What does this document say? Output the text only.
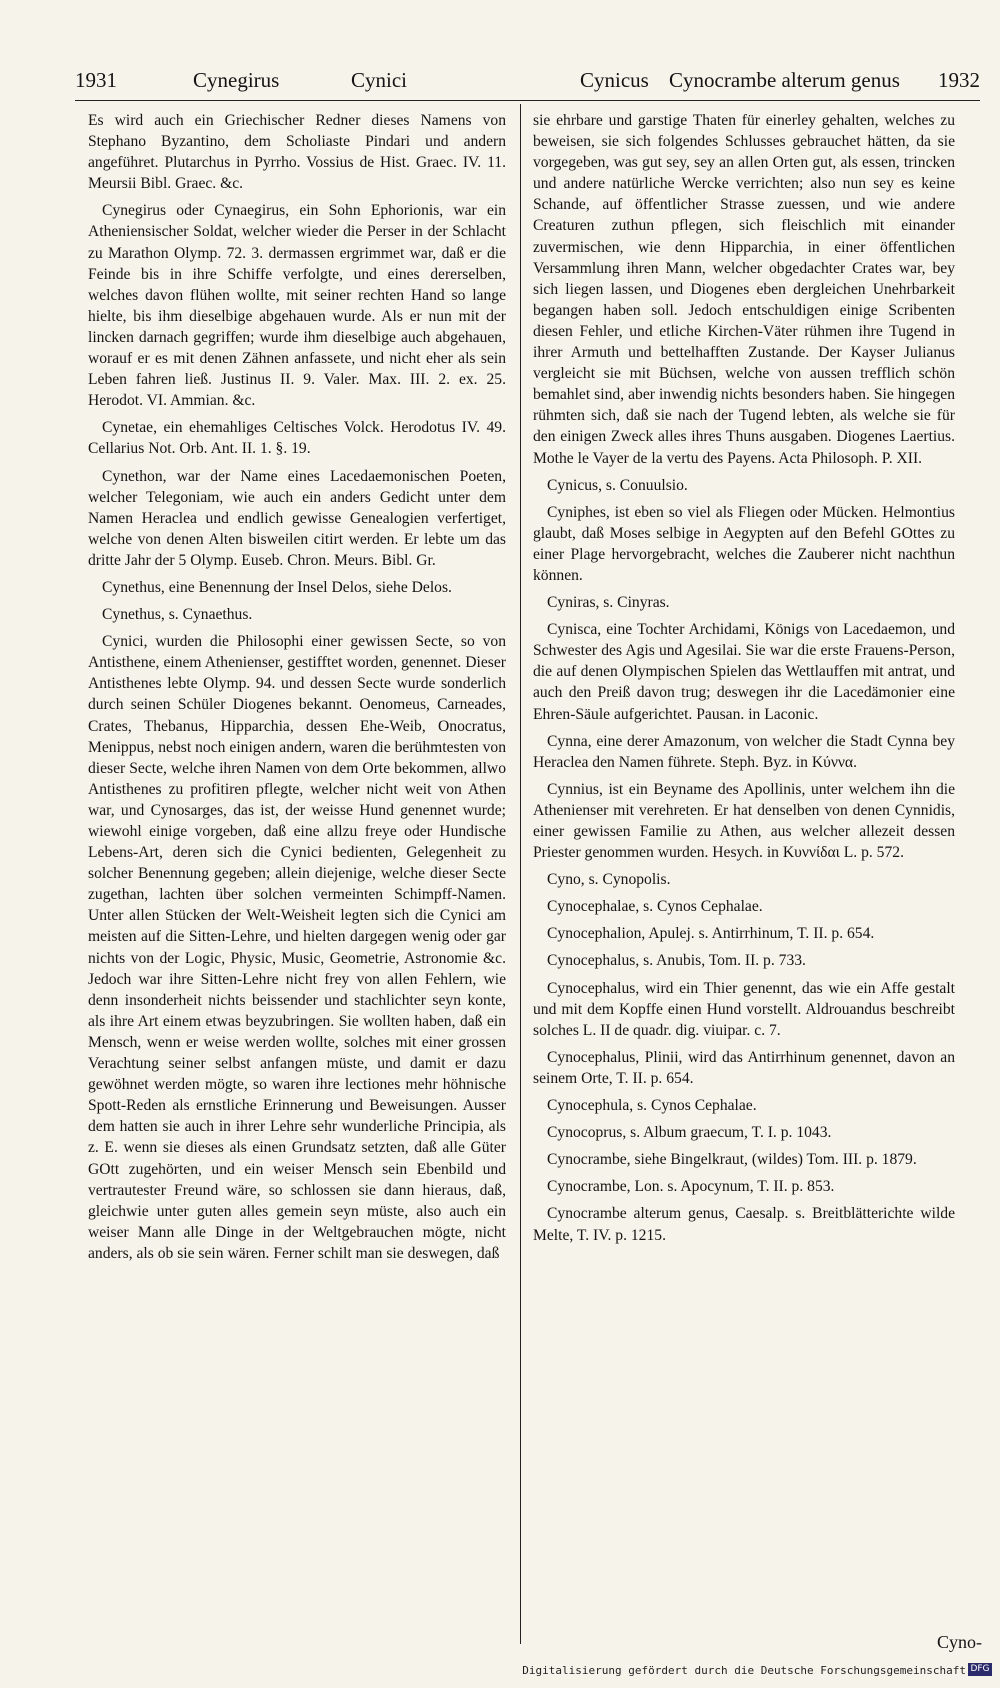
1931	Cynegirus	Cynici	Cynicus Cynocrambe alterum genus 1932

Es wird auch ein Griechischer Redner dieses Namens von Stephano Byzantino, dem Scholiaste Pindari und andern angeführet. Plutarchus in Pyrrho. Vossius de Hist. Graec. IV. 11. Meursii Bibl. Graec. &c.

Cynegirus oder Cynaegirus, ein Sohn Ephorionis, war ein Atheniensischer Soldat, welcher wieder die Perser in der Schlacht zu Marathon Olymp. 72. 3. dermassen ergrimmet war, daß er die Feinde bis in ihre Schiffe verfolgte, und eines dererselben, welches davon flühen wollte, mit seiner rechten Hand so lange hielte, bis ihm dieselbige abgehauen wurde. Als er nun mit der lincken darnach gegriffen; wurde ihm dieselbige auch abgehauen, worauf er es mit denen Zähnen anfassete, und nicht eher als sein Leben fahren ließ. Justinus II. 9. Valer. Max. III. 2. ex. 25. Herodot. VI. Ammian. &c.

Cynetae, ein ehemahliges Celtisches Volck. Herodotus IV. 49. Cellarius Not. Orb. Ant. II. 1. §. 19.

Cynethon, war der Name eines Lacedaemonischen Poeten, welcher Telegoniam, wie auch ein anders Gedicht unter dem Namen Heraclea und endlich gewisse Genealogien verfertiget, welche von denen Alten bisweilen citirt werden. Er lebte um das dritte Jahr der 5 Olymp. Euseb. Chron. Meurs. Bibl. Gr.

Cynethus, eine Benennung der Insel Delos, siehe Delos.

Cynethus, s. Cynaethus.

Cynici, wurden die Philosophi einer gewissen Secte, so von Antisthene, einem Athenienser, gestifftet worden, genennet. Dieser Antisthenes lebte Olymp. 94. und dessen Secte wurde sonderlich durch seinen Schüler Diogenes bekannt. Oenomeus, Carneades, Crates, Thebanus, Hipparchia, dessen Ehe-Weib, Onocratus, Menippus, nebst noch einigen andern, waren die berühmtesten von dieser Secte, welche ihren Namen von dem Orte bekommen, allwo Antisthenes zu profitiren pflegte, welcher nicht weit von Athen war, und Cynosarges, das ist, der weisse Hund genennet wurde; wiewohl einige vorgeben, daß eine allzu freye oder Hundische Lebens-Art, deren sich die Cynici bedienten, Gelegenheit zu solcher Benennung gegeben; allein diejenige, welche dieser Secte zugethan, lachten über solchen vermeinten Schimpff-Namen. Unter allen Stücken der Welt-Weisheit legten sich die Cynici am meisten auf die Sitten-Lehre, und hielten dargegen wenig oder gar nichts von der Logic, Physic, Music, Geometrie, Astronomie &c. Jedoch war ihre Sitten-Lehre nicht frey von allen Fehlern, wie denn insonderheit nichts beissender und stachlichter seyn konte, als ihre Art einem etwas beyzubringen. Sie wollten haben, daß ein Mensch, wenn er weise werden wollte, solches mit einer grossen Verachtung seiner selbst anfangen müste, und damit er dazu gewöhnet werden mögte, so waren ihre lectiones mehr höhnische Spott-Reden als ernstliche Erinnerung und Beweisungen. Ausser dem hatten sie auch in ihrer Lehre sehr wunderliche Principia, als z. E. wenn sie dieses als einen Grundsatz setzten, daß alle Güter GOtt zugehörten, und ein weiser Mensch sein Ebenbild und vertrautester Freund wäre, so schlossen sie dann hieraus, daß, gleichwie unter guten alles gemein seyn müste, also auch ein weiser Mann alle Dinge in der Weltgebrauchen mögte, nicht anders, als ob sie sein wären. Ferner schilt man sie deswegen, daß

sie ehrbare und garstige Thaten für einerley gehalten, welches zu beweisen, sie sich folgendes Schlusses gebrauchet hätten, da sie vorgegeben, was gut sey, sey an allen Orten gut, als essen, trincken und andere natürliche Wercke verrichten; also nun sey es keine Schande, auf öffentlicher Strasse zuessen, und wie andere Creaturen zuthun pflegen, sich fleischlich mit einander zuvermischen, wie denn Hipparchia, in einer öffentlichen Versammlung ihren Mann, welcher obgedachter Crates war, bey sich liegen lassen, und Diogenes eben dergleichen Unehrbarkeit begangen haben soll. Jedoch entschuldigen einige Scribenten diesen Fehler, und etliche Kirchen-Väter rühmen ihre Tugend in ihrer Armuth und bettelhafften Zustande. Der Kayser Julianus vergleicht sie mit Büchsen, welche von aussen trefflich schön bemahlet sind, aber inwendig nichts besonders haben. Sie hingegen rühmten sich, daß sie nach der Tugend lebten, als welche sie für den einigen Zweck alles ihres Thuns ausgaben. Diogenes Laertius. Mothe le Vayer de la vertu des Payens. Acta Philosoph. P. XII.

Cynicus, s. Conuulsio.

Cyniphes, ist eben so viel als Fliegen oder Mücken. Helmontius glaubt, daß Moses selbige in Aegypten auf den Befehl GOttes zu einer Plage hervorgebracht, welches die Zauberer nicht nachthun können.

Cyniras, s. Cinyras.

Cynisca, eine Tochter Archidami, Königs von Lacedaemon, und Schwester des Agis und Agesilai. Sie war die erste Frauens-Person, die auf denen Olympischen Spielen das Wettlauffen mit antrat, und auch den Preiß davon trug; deswegen ihr die Lacedämonier eine Ehren-Säule aufgerichtet. Pausan. in Laconic.

Cynna, eine derer Amazonum, von welcher die Stadt Cynna bey Heraclea den Namen führete. Steph. Byz. in Κύννα.

Cynnius, ist ein Beyname des Apollinis, unter welchem ihn die Athenienser mit verehreten. Er hat denselben von denen Cynnidis, einer gewissen Familie zu Athen, aus welcher allezeit dessen Priester genommen wurden. Hesych. in Κυννίδαι L. p. 572.

Cyno, s. Cynopolis.

Cynocephalae, s. Cynos Cephalae.

Cynocephalion, Apulej. s. Antirrhinum, T. II. p. 654.

Cynocephalus, s. Anubis, Tom. II. p. 733.

Cynocephalus, wird ein Thier genennt, das wie ein Affe gestalt und mit dem Kopffe einen Hund vorstellt. Aldrouandus beschreibt solches L. II de quadr. dig. viuipar. c. 7.

Cynocephalus, Plinii, wird das Antirrhinum genennet, davon an seinem Orte, T. II. p. 654.

Cynocephula, s. Cynos Cephalae.

Cynocoprus, s. Album graecum, T. I. p. 1043.

Cynocrambe, siehe Bingelkraut, (wildes) Tom. III. p. 1879.

Cynocrambe, Lon. s. Apocynum, T. II. p. 853.

Cynocrambe alterum genus, Caesalp. s. Breitblätterichte wilde Melte, T. IV. p. 1215.

Cyno-
Digitalisierung gefördert durch die Deutsche Forschungsgemeinschaft DFG
